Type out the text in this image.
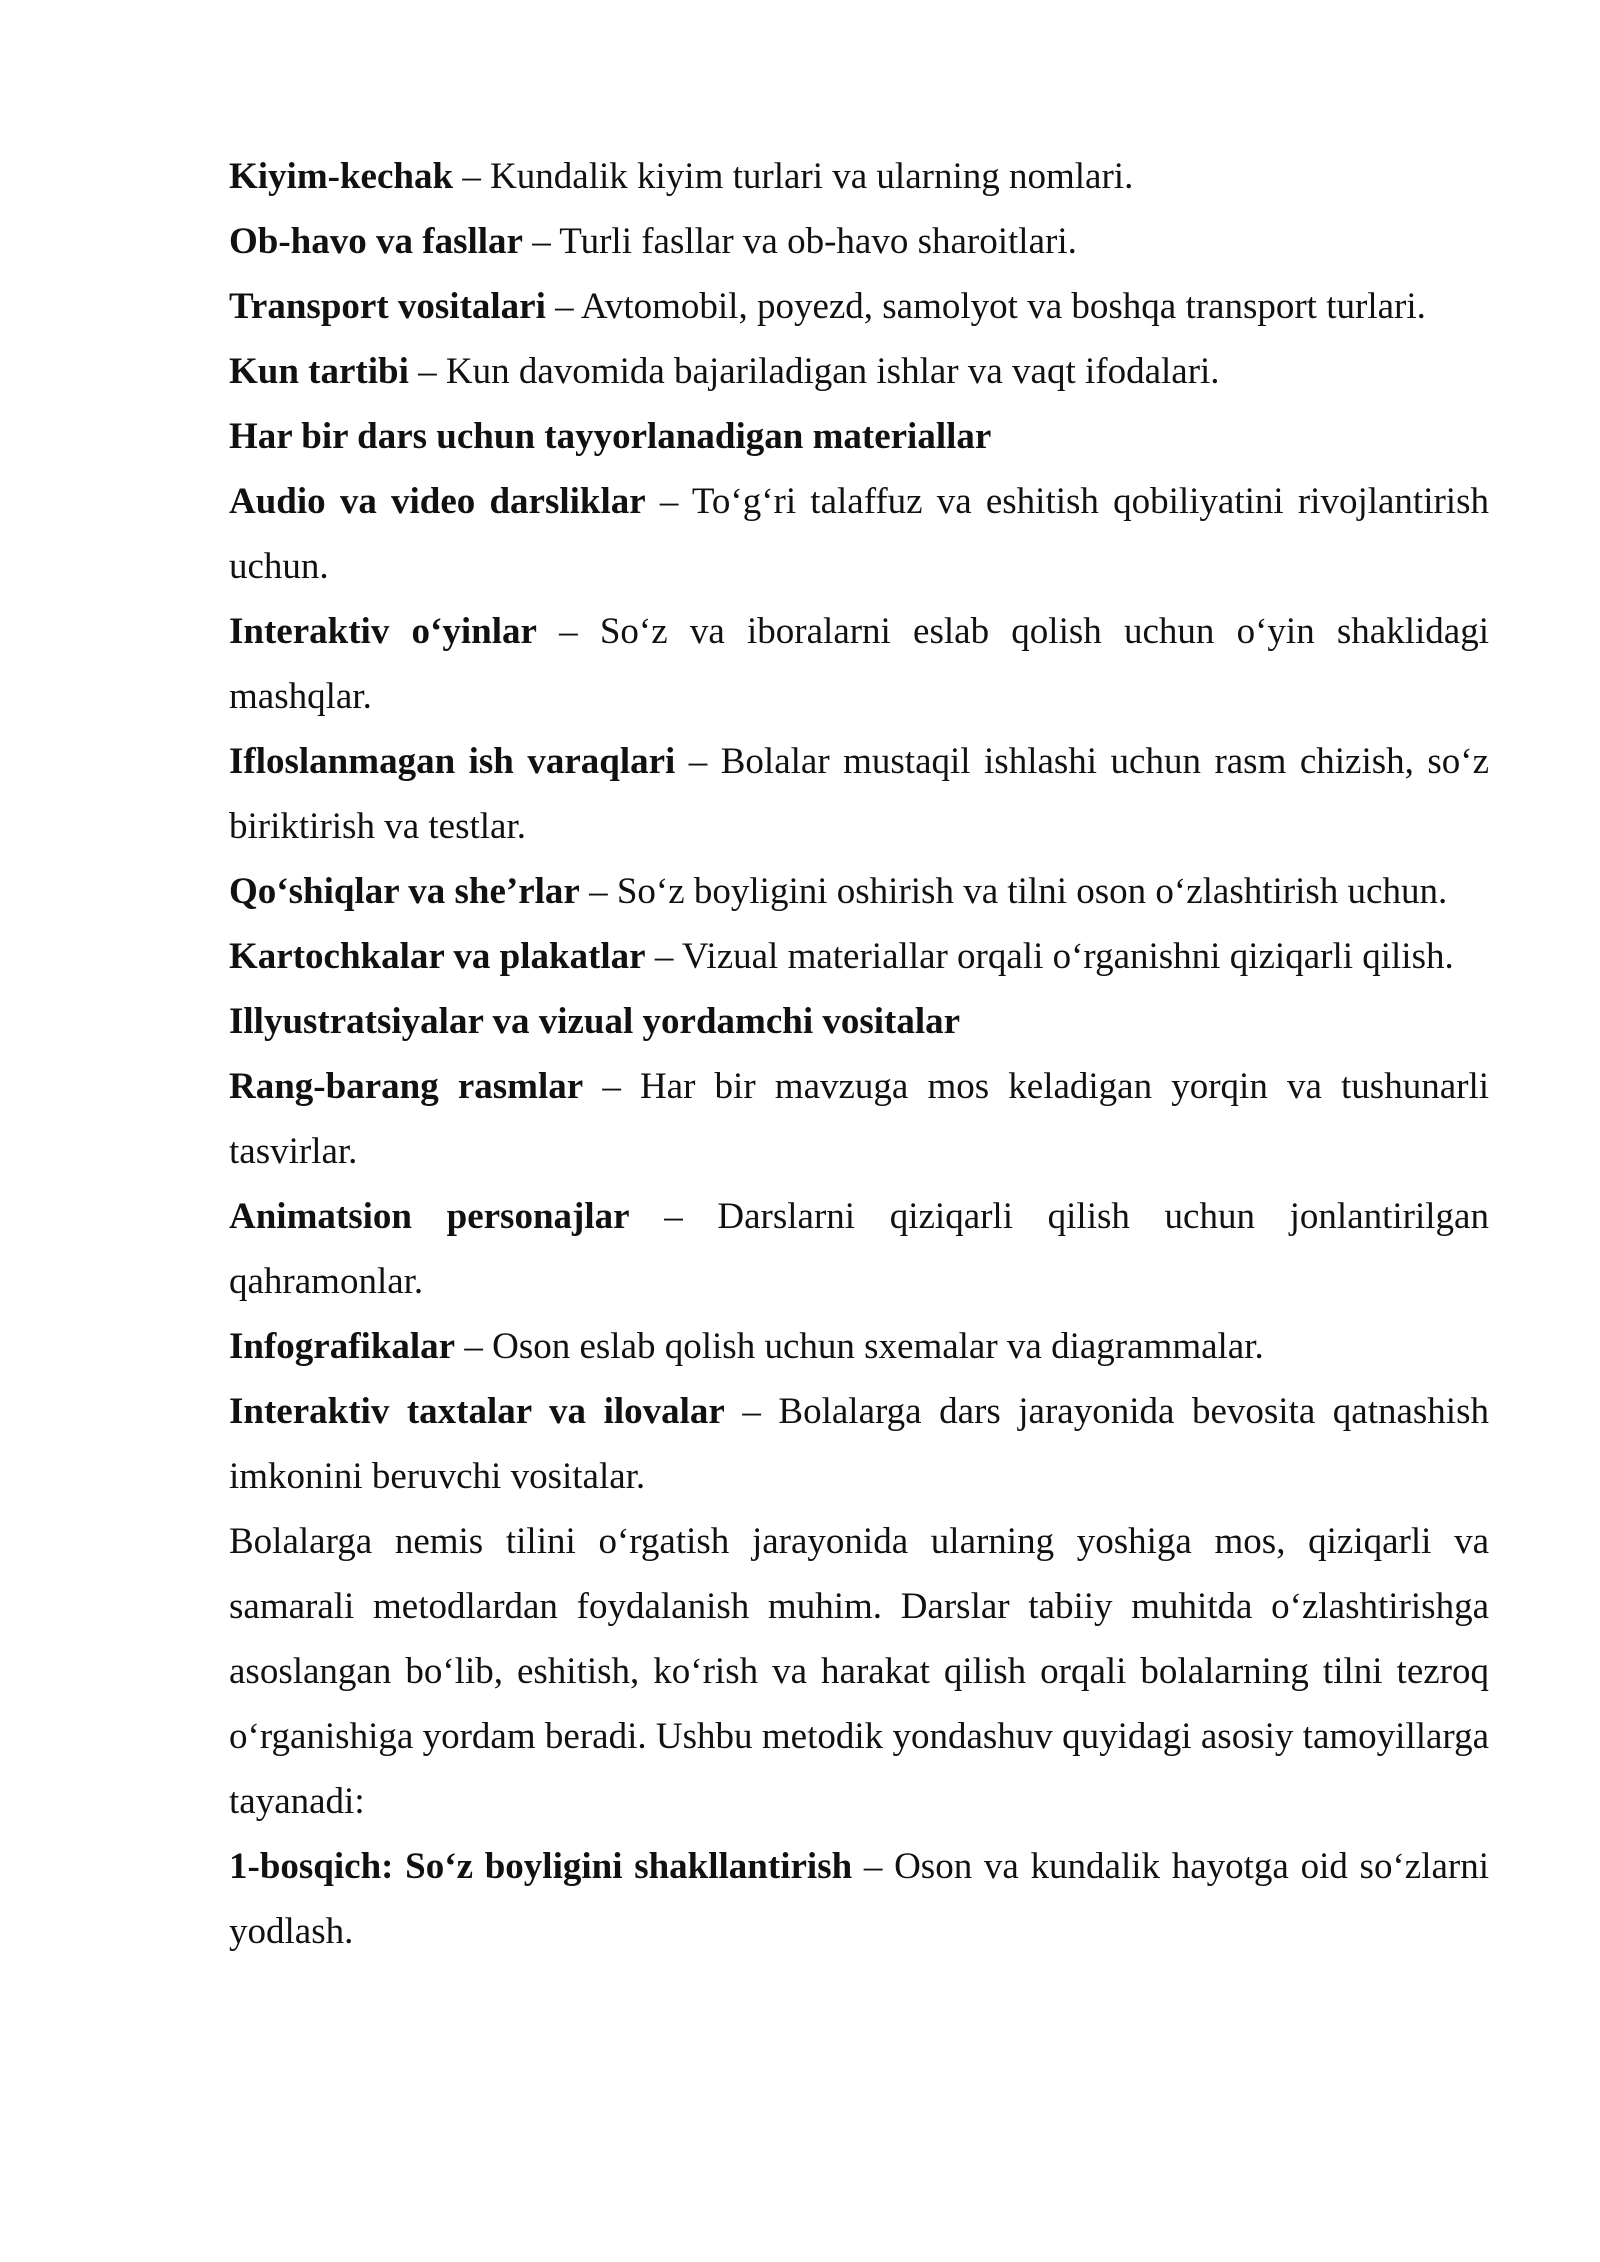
Kiyim-kechak – Kundalik kiyim turlari va ularning nomlari.

Ob-havo va fasllar – Turli fasllar va ob-havo sharoitlari.

Transport vositalari – Avtomobil, poyezd, samolyot va boshqa transport turlari.

Kun tartibi – Kun davomida bajariladigan ishlar va vaqt ifodalari.

Har bir dars uchun tayyorlanadigan materiallar

Audio va video darsliklar – To‘g‘ri talaffuz va eshitish qobiliyatini rivojlantirish uchun.

Interaktiv o‘yinlar – So‘z va iboralarni eslab qolish uchun o‘yin shaklidagi mashqlar.

Ifloslanmagan ish varaqlari – Bolalar mustaqil ishlashi uchun rasm chizish, so‘z biriktirish va testlar.

Qo‘shiqlar va she’rlar – So‘z boyligini oshirish va tilni oson o‘zlashtirish uchun.

Kartochkalar va plakatlar – Vizual materiallar orqali o‘rganishni qiziqarli qilish.

Illyustratsiyalar va vizual yordamchi vositalar

Rang-barang rasmlar – Har bir mavzuga mos keladigan yorqin va tushunarli tasvirlar.

Animatsion personajlar – Darslarni qiziqarli qilish uchun jonlantirilgan qahramonlar.

Infografikalar – Oson eslab qolish uchun sxemalar va diagrammalar.

Interaktiv taxtalar va ilovalar – Bolalarga dars jarayonida bevosita qatnashish imkonini beruvchi vositalar.

Bolalarga nemis tilini o‘rgatish jarayonida ularning yoshiga mos, qiziqarli va samarali metodlardan foydalanish muhim. Darslar tabiiy muhitda o‘zlashtirishga asoslangan bo‘lib, eshitish, ko‘rish va harakat qilish orqali bolalarning tilni tezroq o‘rganishiga yordam beradi. Ushbu metodik yondashuv quyidagi asosiy tamoyillarga tayanadi:

1-bosqich: So‘z boyligini shakllantirish – Oson va kundalik hayotga oid so‘zlarni yodlash.
